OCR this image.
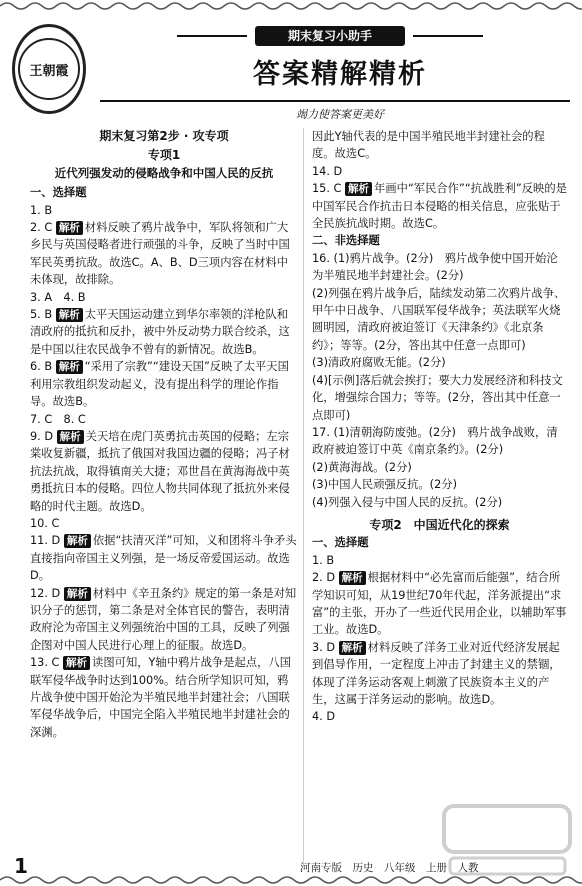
王朝霞
期末复习小助手
答案精解精析
竭力使答案更美好
期末复习第2步 · 攻专项
专项1
近代列强发动的侵略战争和中国人民的反抗
一、选择题

1. B

2. C 解析 材料反映了鸦片战争中，军队将领和广大乡民与英国侵略者进行顽强的斗争，反映了当时中国军民英勇抗敌。故选C。A、B、D三项内容在材料中未体现，故排除。

3. A　4. B

5. B 解析 太平天国运动建立到华尔率领的洋枪队和清政府的抵抗和反扑，被中外反动势力联合绞杀，这是中国以往农民战争不曾有的新情况。故选B。

6. B 解析 “采用了宗教”“建设天国”反映了太平天国利用宗教组织发动起义，没有提出科学的理论作指导。故选B。

7. C　8. C

9. D 解析 关天培在虎门英勇抗击英国的侵略；左宗棠收复新疆，抵抗了俄国对我国边疆的侵略；冯子材抗法抗战，取得镇南关大捷；邓世昌在黄海海战中英勇抵抗日本的侵略。四位人物共同体现了抵抗外来侵略的时代主题。故选D。

10. C

11. D 解析 依据“扶清灭洋”可知，义和团将斗争矛头直接指向帝国主义列强，是一场反帝爱国运动。故选D。

12. D 解析 材料中《辛丑条约》规定的第一条是对知识分子的惩罚，第二条是对全体官民的警告，表明清政府沦为帝国主义列强统治中国的工具，反映了列强企图对中国人民进行心理上的征服。故选D。

13. C 解析 读图可知，Y轴中鸦片战争是起点，八国联军侵华战争时达到100%。结合所学知识可知，鸦片战争使中国开始沦为半殖民地半封建社会；八国联军侵华战争后，中国完全陷入半殖民地半封建社会的深渊。

因此Y轴代表的是中国半殖民地半封建社会的程度。故选C。

14. D

15. C 解析 年画中“军民合作”“抗战胜利”反映的是中国军民合作抗击日本侵略的相关信息，应张贴于全民族抗战时期。故选C。

二、非选择题

16. (1)鸦片战争。(2分)　鸦片战争使中国开始沦为半殖民地半封建社会。(2分)

(2)列强在鸦片战争后，陆续发动第二次鸦片战争、甲午中日战争、八国联军侵华战争；英法联军火烧圆明园，清政府被迫签订《天津条约》《北京条约》；等等。(2分，答出其中任意一点即可)

(3)清政府腐败无能。(2分)

(4)[示例]落后就会挨打；要大力发展经济和科技文化，增强综合国力；等等。(2分，答出其中任意一点即可)

17. (1)清朝海防废弛。(2分)　鸦片战争战败，清政府被迫签订中英《南京条约》。(2分)

(2)黄海海战。(2分)

(3)中国人民顽强反抗。(2分)

(4)列强入侵与中国人民的反抗。(2分)

专项2　中国近代化的探索
一、选择题

1. B

2. D 解析 根据材料中“必先富而后能强”，结合所学知识可知，从19世纪70年代起，洋务派提出“求富”的主张，开办了一些近代民用企业，以辅助军事工业。故选D。

3. D 解析 材料反映了洋务工业对近代经济发展起到倡导作用，一定程度上冲击了封建主义的禁锢，体现了洋务运动客观上刺激了民族资本主义的产生，这属于洋务运动的影响。故选D。

4. D

1	河南专版　历史　八年级　上册　人教
